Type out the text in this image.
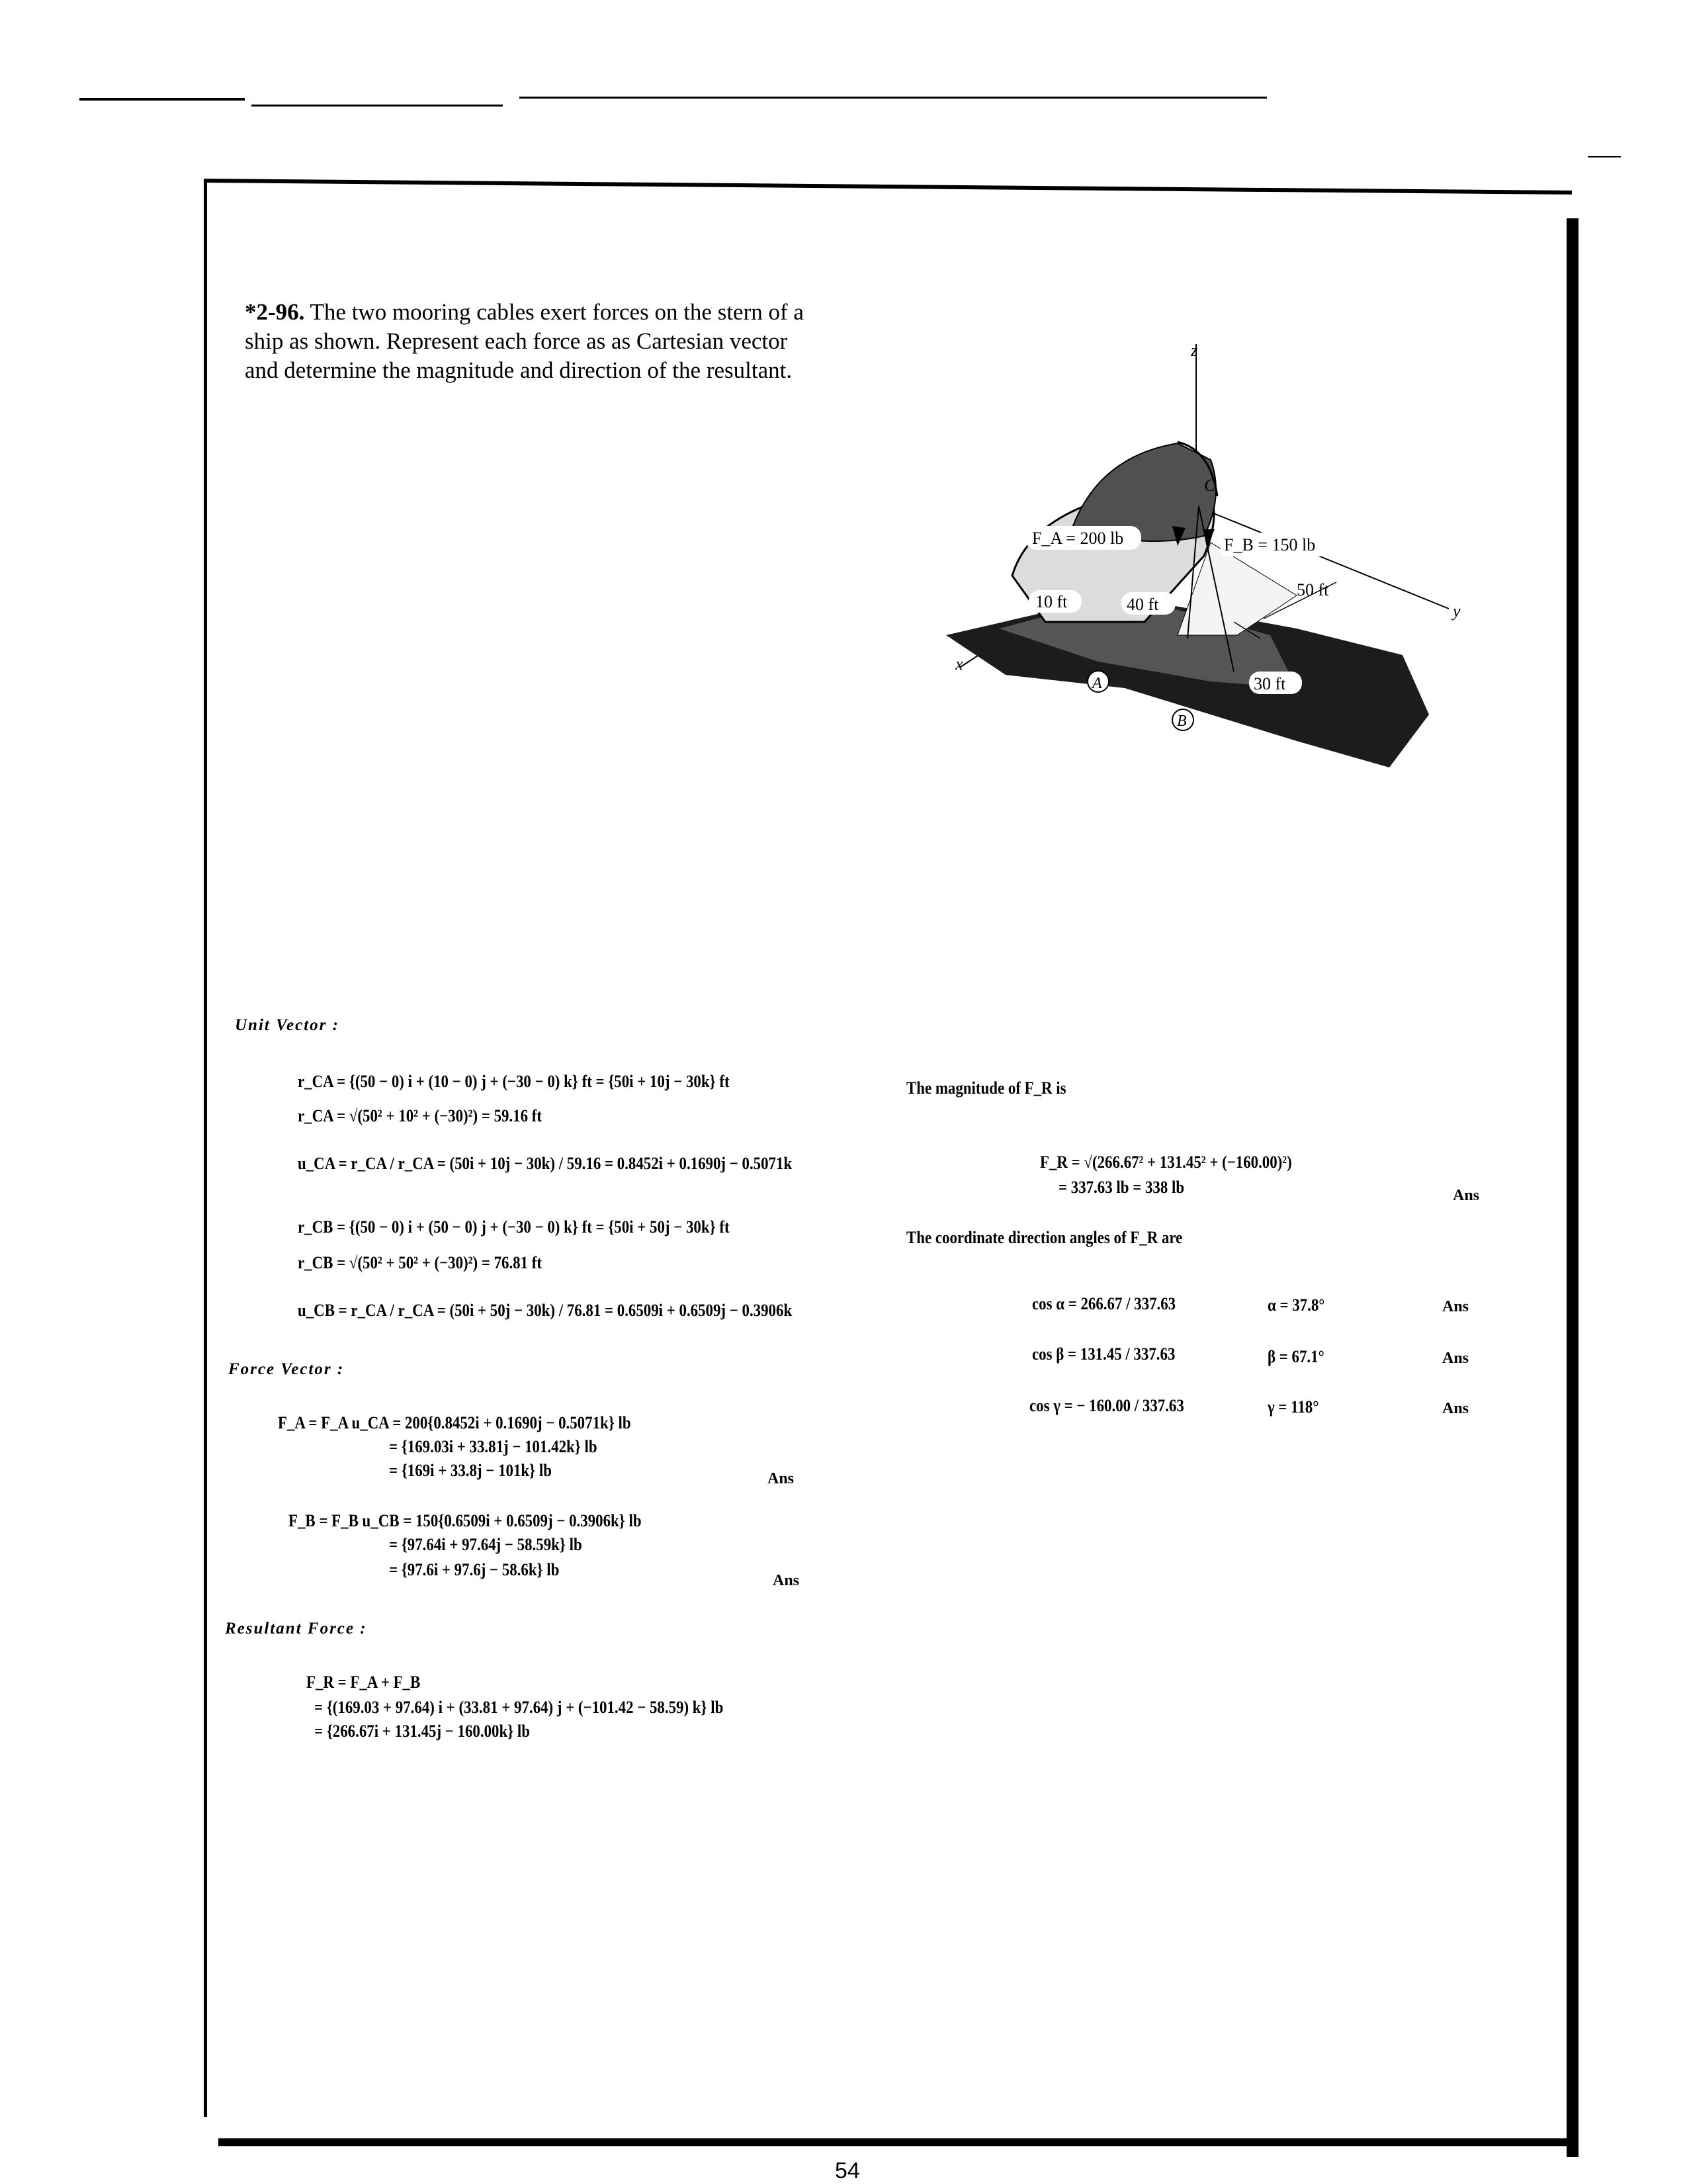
*2-96. The two mooring cables exert forces on the stern of a ship as shown. Represent each force as as Cartesian vector and determine the magnitude and direction of the resultant.
z
y
x
C
F_A = 200 lb	F_B = 150 lb
50 ft
10 ft	40 ft
30 ft
A
B
Unit Vector :
r_CA = {(50 − 0) i + (10 − 0) j + (−30 − 0) k} ft = {50i + 10j − 30k} ft
r_CA = √(50² + 10² + (−30)²) = 59.16 ft
u_CA = r_CA / r_CA = (50i + 10j − 30k) / 59.16 = 0.8452i + 0.1690j − 0.5071k
r_CB = {(50 − 0) i + (50 − 0) j + (−30 − 0) k} ft = {50i + 50j − 30k} ft
r_CB = √(50² + 50² + (−30)²) = 76.81 ft
u_CB = r_CA / r_CA = (50i + 50j − 30k) / 76.81 = 0.6509i + 0.6509j − 0.3906k
Force Vector :
F_A = F_A u_CA = 200{0.8452i + 0.1690j − 0.5071k} lb
= {169.03i + 33.81j − 101.42k} lb
= {169i + 33.8j − 101k} lb	Ans
F_B = F_B u_CB = 150{0.6509i + 0.6509j − 0.3906k} lb
= {97.64i + 97.64j − 58.59k} lb
= {97.6i + 97.6j − 58.6k} lb
Ans
Resultant Force :
F_R = F_A + F_B
= {(169.03 + 97.64) i + (33.81 + 97.64) j + (−101.42 − 58.59) k} lb
= {266.67i + 131.45j − 160.00k} lb
The magnitude of F_R is
F_R = √(266.67² + 131.45² + (−160.00)²)
= 337.63 lb = 338 lb	Ans
The coordinate direction angles of F_R are
cos α = 266.67 / 337.63	α = 37.8°	Ans
cos β = 131.45 / 337.63	β = 67.1°	Ans
cos γ = − 160.00 / 337.63	γ = 118°	Ans
54
